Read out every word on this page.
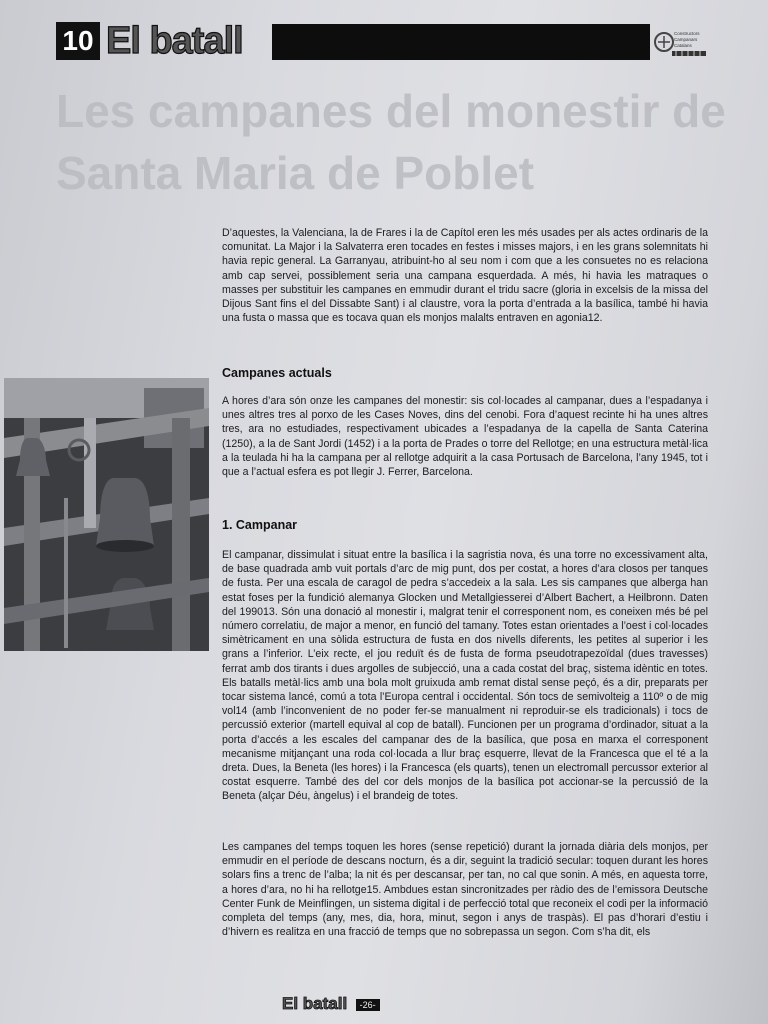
10 El batall	Constructors
Campanars
Catalans
Les campanes del monestir de Santa Maria de Poblet

D’aquestes, la Valenciana, la de Frares i la de Capítol eren les més usades per als actes ordinaris de la comunitat. La Major i la Salvaterra eren tocades en festes i misses majors, i en les grans solemnitats hi havia repic general. La Garranyau, atribuint-ho al seu nom i com que a les consuetes no es relaciona amb cap servei, possiblement seria una campana esquerdada. A més, hi havia les matraques o masses per substituir les campanes en emmudir durant el tridu sacre (gloria in excelsis de la missa del Dijous Sant fins el del Dissabte Sant) i al claustre, vora la porta d’entrada a la basílica, també hi havia una fusta o massa que es tocava quan els monjos malalts entraven en agonia12.

Campanes actuals

A hores d’ara són onze les campanes del monestir: sis col·locades al campanar, dues a l’espadanya i unes altres tres al porxo de les Cases Noves, dins del cenobi. Fora d’aquest recinte hi ha unes altres tres, ara no estudiades, respectivament ubicades a l’espadanya de la capella de Santa Caterina (1250), a la de Sant Jordi (1452) i a la porta de Prades o torre del Rellotge; en una estructura metàl·lica a la teulada hi ha la campana per al rellotge adquirit a la casa Portusach de Barcelona, l’any 1945, tot i que a l’actual esfera es pot llegir J. Ferrer, Barcelona.

1. Campanar

El campanar, dissimulat i situat entre la basílica i la sagristia nova, és una torre no excessivament alta, de base quadrada amb vuit portals d’arc de mig punt, dos per costat, a hores d’ara closos per tanques de fusta. Per una escala de caragol de pedra s’accedeix a la sala. Les sis campanes que alberga han estat foses per la fundició alemanya Glocken und Metallgiesserei d’Albert Bachert, a Heilbronn. Daten del 199013. Són una donació al monestir i, malgrat tenir el corresponent nom, es coneixen més bé pel número correlatiu, de major a menor, en funció del tamany. Totes estan orientades a l’oest i col·locades simètricament en una sòlida estructura de fusta en dos nivells diferents, les petites al superior i les grans a l’inferior. L’eix recte, el jou reduït és de fusta de forma pseudotrapezoïdal (dues travesses) ferrat amb dos tirants i dues argolles de subjecció, una a cada costat del braç, sistema idèntic en totes. Els batalls metàl·lics amb una bola molt gruixuda amb remat distal sense peçó, és a dir, preparats per tocar sistema lancé, comú a tota l’Europa central i occidental. Són tocs de semivolteig a 110º o de mig vol14 (amb l’inconvenient de no poder fer-se manualment ni reproduir-se els tradicionals) i tocs de percussió exterior (martell equival al cop de batall). Funcionen per un programa d’ordinador, situat a la porta d’accés a les escales del campanar des de la basílica, que posa en marxa el corresponent mecanisme mitjançant una roda col·locada a llur braç esquerre, llevat de la Francesca que el té a la dreta. Dues, la Beneta (les hores) i la Francesca (els quarts), tenen un electromall percussor exterior al costat esquerre. També des del cor dels monjos de la basílica pot accionar-se la percussió de la Beneta (alçar Déu, àngelus) i el brandeig de totes.

Les campanes del temps toquen les hores (sense repetició) durant la jornada diària dels monjos, per emmudir en el període de descans nocturn, és a dir, seguint la tradició secular: toquen durant les hores solars fins a trenc de l’alba; la nit és per descansar, per tan, no cal que sonin. A més, en aquesta torre, a hores d’ara, no hi ha rellotge15. Ambdues estan sincronitzades per ràdio des de l’emissora Deutsche Center Funk de Meinflingen, un sistema digital i de perfecció total que reconeix el codi per la informació completa del temps (any, mes, dia, hora, minut, segon i anys de traspàs). El pas d’horari d’estiu i d’hivern es realitza en una fracció de temps que no sobrepassa un segon. Com s’ha dit, els

El batall -26-
